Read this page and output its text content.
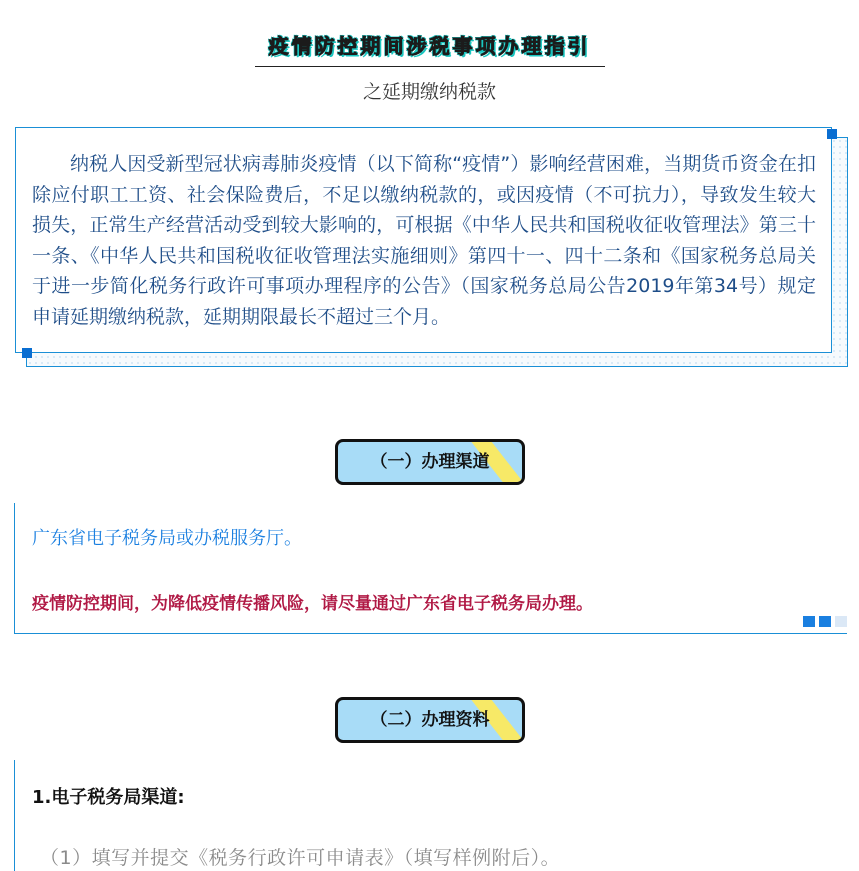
疫情防控期间涉税事项办理指引
之延期缴纳税款

纳税人因受新型冠状病毒肺炎疫情（以下简称“疫情”）影响经营困难，当期货币资金在扣除应付职工工资、社会保险费后，不足以缴纳税款的，或因疫情（不可抗力），导致发生较大损失，正常生产经营活动受到较大影响的，可根据《中华人民共和国税收征收管理法》第三十一条、《中华人民共和国税收征收管理法实施细则》第四十一、四十二条和《国家税务总局关于进一步简化税务行政许可事项办理程序的公告》（国家税务总局公告2019年第34号）规定申请延期缴纳税款，延期期限最长不超过三个月。

（一）办理渠道

广东省电子税务局或办税服务厅。

疫情防控期间，为降低疫情传播风险，请尽量通过广东省电子税务局办理。

（二）办理资料

1.电子税务局渠道:

（1）填写并提交《税务行政许可申请表》（填写样例附后）。
